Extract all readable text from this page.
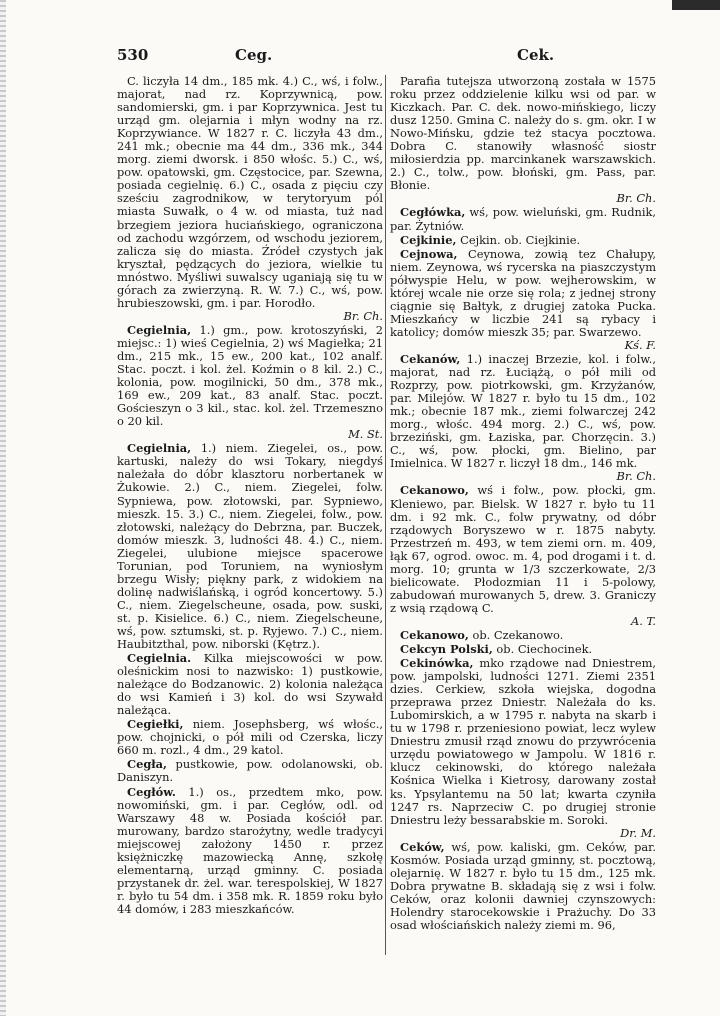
530	Ceg.	Cek.

C. liczyła 14 dm., 185 mk. 4.) C., wś, i folw., majorat, nad rz. Koprzywnicą, pow. sandomierski, gm. i par Koprzywnica. Jest tu urząd gm. olejarnia i młyn wodny na rz. Koprzywiance. W 1827 r. C. liczyła 43 dm., 241 mk.; obecnie ma 44 dm., 336 mk., 344 morg. ziemi dworsk. i 850 włośc. 5.) C., wś, pow. opatowski, gm. Częstocice, par. Szewna, posiada cegielnię. 6.) C., osada z pięciu czy sześciu zagrodnikow, w terytoryum pól miasta Suwałk, o 4 w. od miasta, tuż nad brzegiem jeziora huciańskiego, ograniczona od zachodu wzgórzem, od wschodu jeziorem, zalicza się do miasta. Źródeł czystych jak kryształ, pędzących do jeziora, wielkie tu mnóstwo. Myśliwi suwalscy uganiają się tu w górach za zwierzyną. R. W. 7.) C., wś, pow. hrubieszowski, gm. i par. Horodło.
Br. Ch.

Cegielnia, 1.) gm., pow. krotoszyński, 2 miejsc.: 1) wieś Cegielnia, 2) wś Magiełka; 21 dm., 215 mk., 15 ew., 200 kat., 102 analf. Stac. poczt. i kol. żel. Koźmin o 8 kil. 2.) C., kolonia, pow. mogilnicki, 50 dm., 378 mk., 169 ew., 209 kat., 83 analf. Stac. poczt. Gościeszyn o 3 kil., stac. kol. żel. Trzemeszno o 20 kil.
M. St.

Cegielnia, 1.) niem. Ziegelei, os., pow. kartuski, należy do wsi Tokary, niegdyś należała do dóbr klasztoru norbertanek w Żukowie. 2.) C., niem. Ziegelei, folw. Sypniewa, pow. złotowski, par. Sypniewo, mieszk. 15. 3.) C., niem. Ziegelei, folw., pow. złotowski, należący do Debrzna, par. Buczek, domów mieszk. 3, ludności 48. 4.) C., niem. Ziegelei, ulubione miejsce spacerowe Torunian, pod Toruniem, na wyniosłym brzegu Wisły; piękny park, z widokiem na dolinę nadwiślańską, i ogród koncertowy. 5.) C., niem. Ziegelscheune, osada, pow. suski, st. p. Kisielice. 6.) C., niem. Ziegelscheune, wś, pow. sztumski, st. p. Ryjewo. 7.) C., niem. Haubitzthal, pow. niborski (Kętrz.).

Cegielnia. Kilka miejscowości w pow. oleśnickim nosi to nazwisko: 1) pustkowie, należące do Bodzanowic. 2) kolonia należąca do wsi Kamień i 3) kol. do wsi Szywałd należąca.

Cegiełki, niem. Josephsberg, wś włośc., pow. chojnicki, o pół mili od Czerska, liczy 660 m. rozl., 4 dm., 29 katol.

Cegła, pustkowie, pow. odolanowski, ob. Daniszyn.

Cegłów. 1.) os., przedtem mko, pow. nowomiński, gm. i par. Cegłów, odl. od Warszawy 48 w. Posiada kościół par. murowany, bardzo starożytny, wedle tradycyi miejscowej założony 1450 r. przez księżniczkę mazowiecką Annę, szkołę elementarną, urząd gminny. C. posiada przystanek dr. żel. war. terespolskiej, W 1827 r. było tu 54 dm. i 358 mk. R. 1859 roku było 44 domów, i 283 mieszkańców.

Parafia tutejsza utworzoną została w 1575 roku przez oddzielenie kilku wsi od par. w Kiczkach. Par. C. dek. nowo-mińskiego, liczy dusz 1250. Gmina C. należy do s. gm. okr. I w Nowo-Mińsku, gdzie też stacya pocztowa. Dobra C. stanowiły własność siostr miłosierdzia pp. marcinkanek warszawskich. 2.) C., tolw., pow. błoński, gm. Pass, par. Błonie.
Br. Ch.

Cegłówka, wś, pow. wieluński, gm. Rudnik, par. Żytniów.

Cejkinie, Cejkin. ob. Ciejkinie.

Cejnowa, Ceynowa, zowią tez Chałupy, niem. Zeynowa, wś rycerska na piaszczystym półwyspie Helu, w pow. wejherowskim, w której wcale nie orze się rola; z jednej strony ciągnie się Bałtyk, z drugiej zatoka Pucka. Mieszkańcy w liczbie 241 są rybacy i katolicy; domów mieszk 35; par. Swarzewo.
Kś. F.

Cekanów, 1.) inaczej Brzezie, kol. i folw., majorat, nad rz. Łuciążą, o pół mili od Rozprzy, pow. piotrkowski, gm. Krzyżanów, par. Milejów. W 1827 r. było tu 15 dm., 102 mk.; obecnie 187 mk., ziemi folwarczej 242 morg., włośc. 494 morg. 2.) C., wś, pow. brzeziński, gm. Łaziska, par. Chorzęcin. 3.) C., wś, pow. płocki, gm. Bielino, par Imielnica. W 1827 r. liczył 18 dm., 146 mk.
Br. Ch.

Cekanowo, wś i folw., pow. płocki, gm. Kleniewo, par. Bielsk. W 1827 r. było tu 11 dm. i 92 mk. C., folw prywatny, od dóbr rządowych Boryszewo w r. 1875 nabyty. Przestrzeń m. 493, w tem ziemi orn. m. 409, łąk 67, ogrod. owoc. m. 4, pod drogami i t. d. morg. 10; grunta w 1/3 szczerkowate, 2/3 bielicowate. Płodozmian 11 i 5-polowy, zabudowań murowanych 5, drew. 3. Graniczy z wsią rządową C.
A. T.

Cekanowo, ob. Czekanowo.

Cekcyn Polski, ob. Ciechocinek.

Cekinówka, mko rządowe nad Dniestrem, pow. jampolski, ludności 1271. Ziemi 2351 dzies. Cerkiew, szkoła wiejska, dogodna przeprawa przez Dniestr. Należała do ks. Lubomirskich, a w 1795 r. nabyta na skarb i tu w 1798 r. przeniesiono powiat, lecz wylew Dniestru zmusił rząd znowu do przywrócenia urzędu powiatowego w Jampolu. W 1816 r. klucz cekinowski, do którego należała Kośnica Wielka i Kietrosy, darowany został ks. Ypsylantemu na 50 lat; kwarta czyniła 1247 rs. Naprzeciw C. po drugiej stronie Dniestru leży bessarabskie m. Soroki.
Dr. M.

Ceków, wś, pow. kaliski, gm. Ceków, par. Kosmów. Posiada urząd gminny, st. pocztową, olejarnię. W 1827 r. było tu 15 dm., 125 mk. Dobra prywatne B. składają się z wsi i folw. Ceków, oraz kolonii dawniej czynszowych: Holendry starocekowskie i Prażuchy. Do 33 osad włościańskich należy ziemi m. 96,
